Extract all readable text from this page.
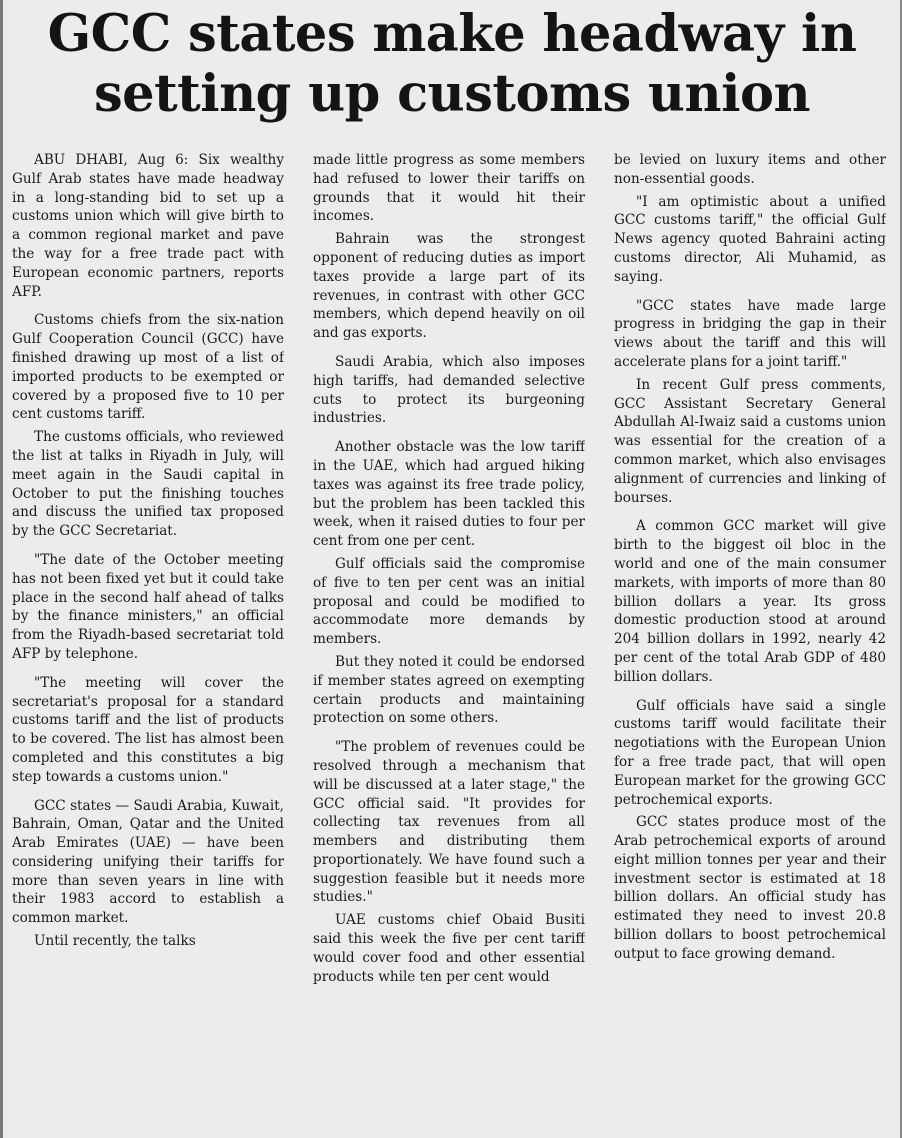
GCC states make headway in setting up customs union

ABU DHABI, Aug 6: Six wealthy Gulf Arab states have made headway in a long-standing bid to set up a customs union which will give birth to a common regional market and pave the way for a free trade pact with European economic partners, reports AFP.

Customs chiefs from the six-nation Gulf Cooperation Council (GCC) have finished drawing up most of a list of imported products to be exempted or covered by a proposed five to 10 per cent customs tariff.

The customs officials, who reviewed the list at talks in Riyadh in July, will meet again in the Saudi capital in October to put the finishing touches and discuss the unified tax proposed by the GCC Secretariat.

"The date of the October meeting has not been fixed yet but it could take place in the second half ahead of talks by the finance ministers," an official from the Riyadh-based secretariat told AFP by telephone.

"The meeting will cover the secretariat's proposal for a standard customs tariff and the list of products to be covered. The list has almost been completed and this constitutes a big step towards a customs union."

GCC states — Saudi Arabia, Kuwait, Bahrain, Oman, Qatar and the United Arab Emirates (UAE) — have been considering unifying their tariffs for more than seven years in line with their 1983 accord to establish a common market.

Until recently, the talks

made little progress as some members had refused to lower their tariffs on grounds that it would hit their incomes.

Bahrain was the strongest opponent of reducing duties as import taxes provide a large part of its revenues, in contrast with other GCC members, which depend heavily on oil and gas exports.

Saudi Arabia, which also imposes high tariffs, had demanded selective cuts to protect its burgeoning industries.

Another obstacle was the low tariff in the UAE, which had argued hiking taxes was against its free trade policy, but the problem has been tackled this week, when it raised duties to four per cent from one per cent.

Gulf officials said the compromise of five to ten per cent was an initial proposal and could be modified to accommodate more demands by members.

But they noted it could be endorsed if member states agreed on exempting certain products and maintaining protection on some others.

"The problem of revenues could be resolved through a mechanism that will be discussed at a later stage," the GCC official said. "It provides for collecting tax revenues from all members and distributing them proportionately. We have found such a suggestion feasible but it needs more studies."

UAE customs chief Obaid Busiti said this week the five per cent tariff would cover food and other essential products while ten per cent would

be levied on luxury items and other non-essential goods.

"I am optimistic about a unified GCC customs tariff," the official Gulf News agency quoted Bahraini acting customs director, Ali Muhamid, as saying.

"GCC states have made large progress in bridging the gap in their views about the tariff and this will accelerate plans for a joint tariff."

In recent Gulf press comments, GCC Assistant Secretary General Abdullah Al-Iwaiz said a customs union was essential for the creation of a common market, which also envisages alignment of currencies and linking of bourses.

A common GCC market will give birth to the biggest oil bloc in the world and one of the main consumer markets, with imports of more than 80 billion dollars a year. Its gross domestic production stood at around 204 billion dollars in 1992, nearly 42 per cent of the total Arab GDP of 480 billion dollars.

Gulf officials have said a single customs tariff would facilitate their negotiations with the European Union for a free trade pact, that will open European market for the growing GCC petrochemical exports.

GCC states produce most of the Arab petrochemical exports of around eight million tonnes per year and their investment sector is estimated at 18 billion dollars. An official study has estimated they need to invest 20.8 billion dollars to boost petrochemical output to face growing demand.
